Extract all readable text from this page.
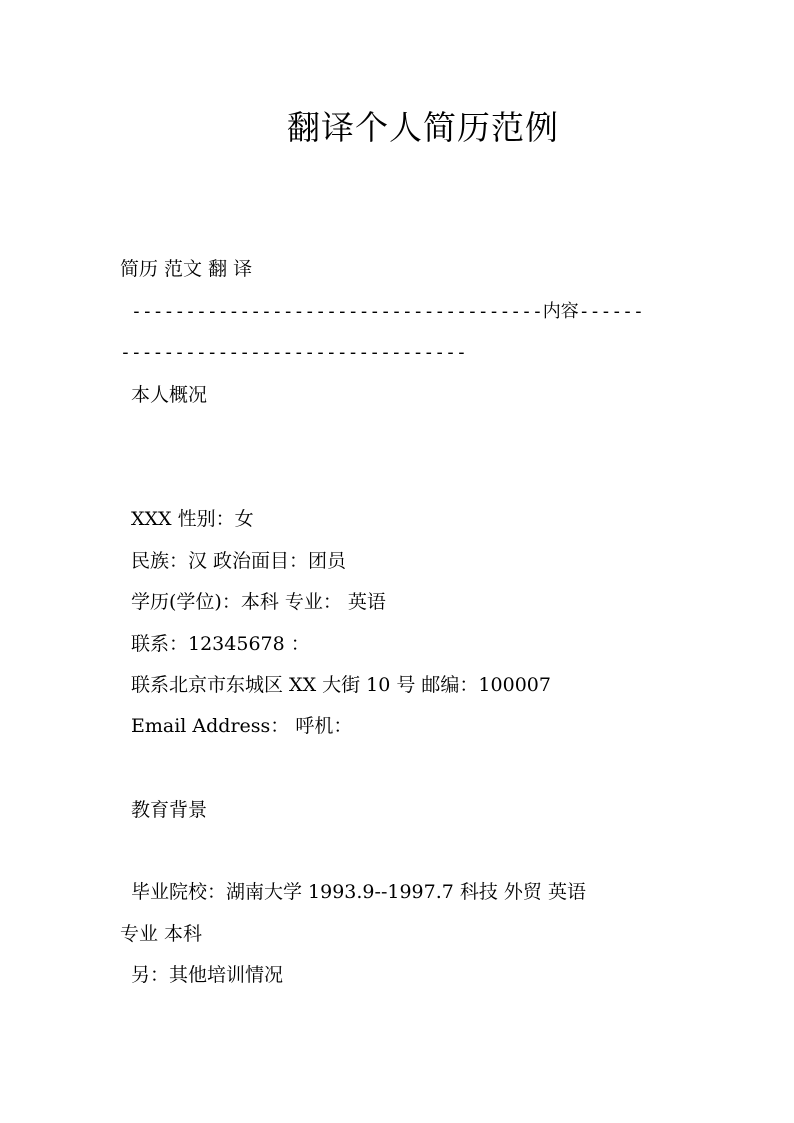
翻译个人简历范例
简历 范文 翻 译
--------------------------------------内容------
--------------------------------
本人概况
XXX 性别：女
民族：汉 政治面目：团员
学历(学位)：本科 专业： 英语
联系：12345678 ：
联系北京市东城区 XX 大街 10 号 邮编：100007
Email Address： 呼机：
教育背景
毕业院校：湖南大学 1993.9--1997.7 科技 外贸 英语
专业 本科
另：其他培训情况
